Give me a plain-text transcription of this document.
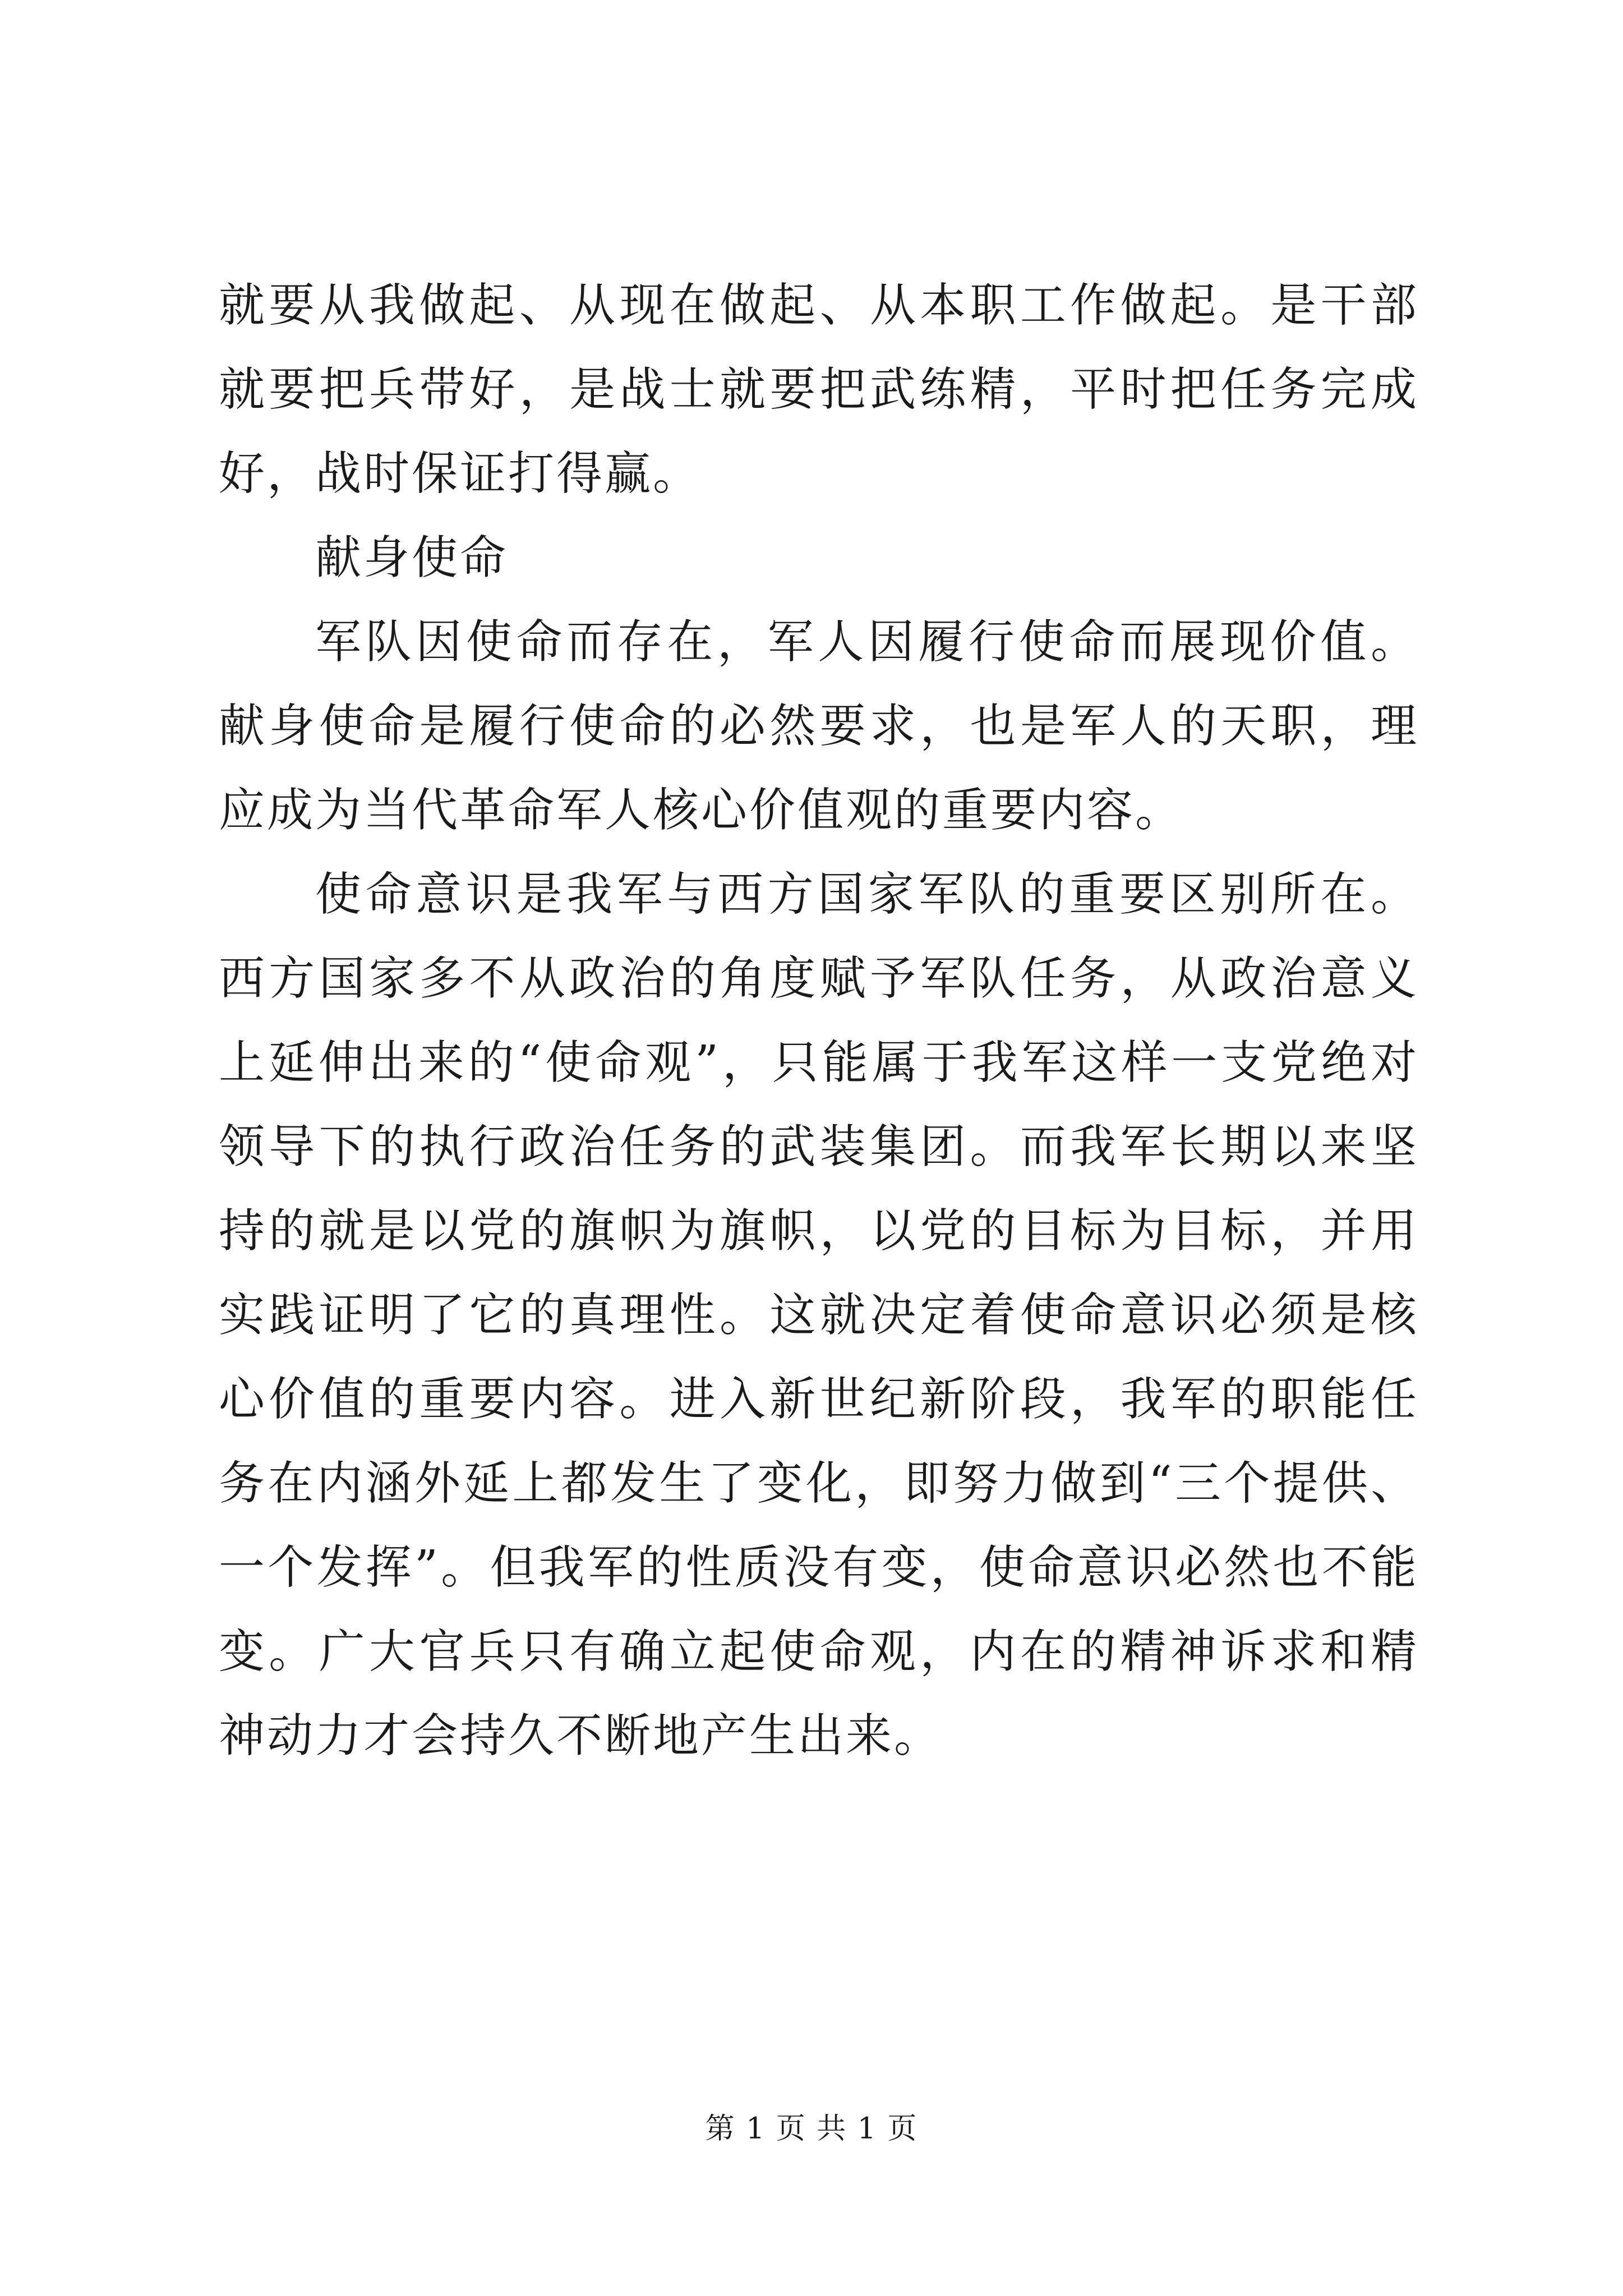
就要从我做起、从现在做起、从本职工作做起。是干部就要把兵带好，是战士就要把武练精，平时把任务完成好，战时保证打得赢。

献身使命

军队因使命而存在，军人因履行使命而展现价值。献身使命是履行使命的必然要求，也是军人的天职，理应成为当代革命军人核心价值观的重要内容。

使命意识是我军与西方国家军队的重要区别所在。西方国家多不从政治的角度赋予军队任务，从政治意义上延伸出来的“使命观”，只能属于我军这样一支党绝对领导下的执行政治任务的武装集团。而我军长期以来坚持的就是以党的旗帜为旗帜，以党的目标为目标，并用实践证明了它的真理性。这就决定着使命意识必须是核心价值的重要内容。进入新世纪新阶段，我军的职能任务在内涵外延上都发生了变化，即努力做到“三个提供、一个发挥”。但我军的性质没有变，使命意识必然也不能变。广大官兵只有确立起使命观，内在的精神诉求和精神动力才会持久不断地产生出来。

第 1 页 共 1 页
